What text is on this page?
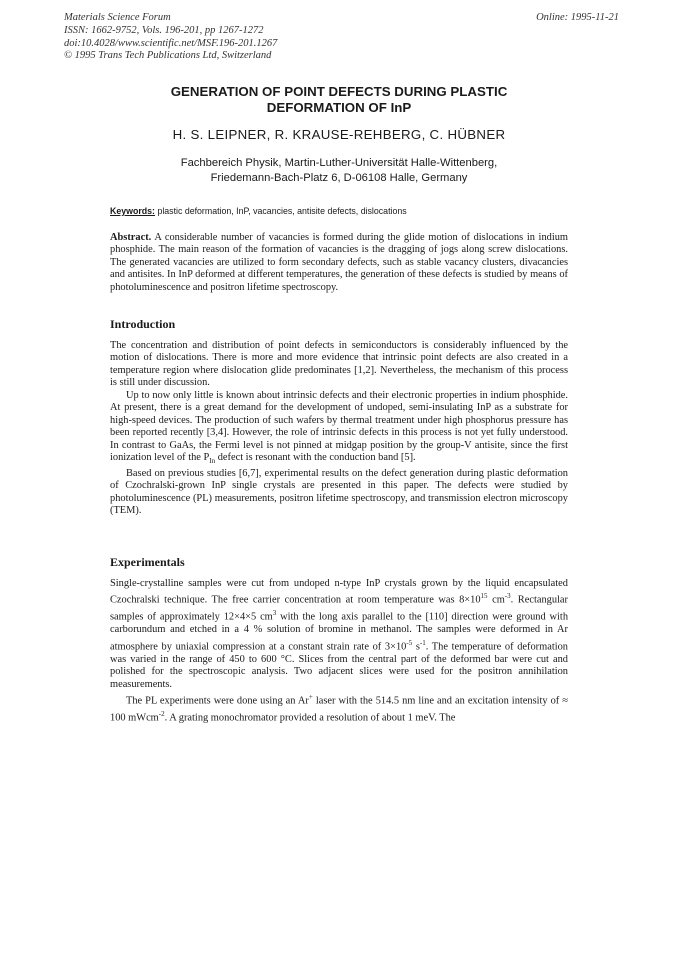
Materials Science Forum
ISSN: 1662-9752, Vols. 196-201, pp 1267-1272
doi:10.4028/www.scientific.net/MSF.196-201.1267
© 1995 Trans Tech Publications Ltd, Switzerland
Online: 1995-11-21
GENERATION OF POINT DEFECTS DURING PLASTIC
DEFORMATION OF InP
H. S. LEIPNER, R. KRAUSE-REHBERG, C. HÜBNER
Fachbereich Physik, Martin-Luther-Universität Halle-Wittenberg,
Friedemann-Bach-Platz 6, D-06108 Halle, Germany
Keywords: plastic deformation, InP, vacancies, antisite defects, dislocations

Abstract. A considerable number of vacancies is formed during the glide motion of dislocations in indium phosphide. The main reason of the formation of vacancies is the dragging of jogs along screw dislocations. The generated vacancies are utilized to form secondary defects, such as stable vacancy clusters, divacancies and antisites. In InP deformed at different temperatures, the generation of these defects is studied by means of photoluminescence and positron lifetime spectroscopy.

Introduction

The concentration and distribution of point defects in semiconductors is considerably influenced by the motion of dislocations. There is more and more evidence that intrinsic point defects are also created in a temperature region where dislocation glide predominates [1,2]. Nevertheless, the mechanism of this process is still under discussion.

Up to now only little is known about intrinsic defects and their electronic properties in indium phosphide. At present, there is a great demand for the development of undoped, semi-insulating InP as a substrate for high-speed devices. The production of such wafers by thermal treatment under high phosphorus pressure has been reported recently [3,4]. However, the role of intrinsic defects in this process is not yet fully understood. In contrast to GaAs, the Fermi level is not pinned at midgap position by the group-V antisite, since the first ionization level of the $P_{In}$ defect is resonant with the conduction band [5].

Based on previous studies [6,7], experimental results on the defect generation during plastic deformation of Czochralski-grown InP single crystals are presented in this paper. The defects were studied by photoluminescence (PL) measurements, positron lifetime spectroscopy, and transmission electron microscopy (TEM).

Experimentals

Single-crystalline samples were cut from undoped n-type InP crystals grown by the liquid encapsulated Czochralski technique. The free carrier concentration at room temperature was $8\times 10^{15}$ $cm^{-3}$. Rectangular samples of approximately 12×4×5 $cm^3$ with the long axis parallel to the [110] direction were ground with carborundum and etched in a 4 % solution of bromine in methanol. The samples were deformed in Ar atmosphere by uniaxial compression at a constant strain rate of $3\times 10^{-5}$ $s^{-1}$. The temperature of deformation was varied in the range of 450 to 600 °C. Slices from the central part of the deformed bar were cut and polished for the spectroscopic analysis. Two adjacent slices were used for the positron annihilation measurements.

The PL experiments were done using an Ar+ laser with the 514.5 nm line and an excitation intensity of ≈ 100 mWcm$^{-2}$. A grating monochromator provided a resolution of about 1 meV. The
